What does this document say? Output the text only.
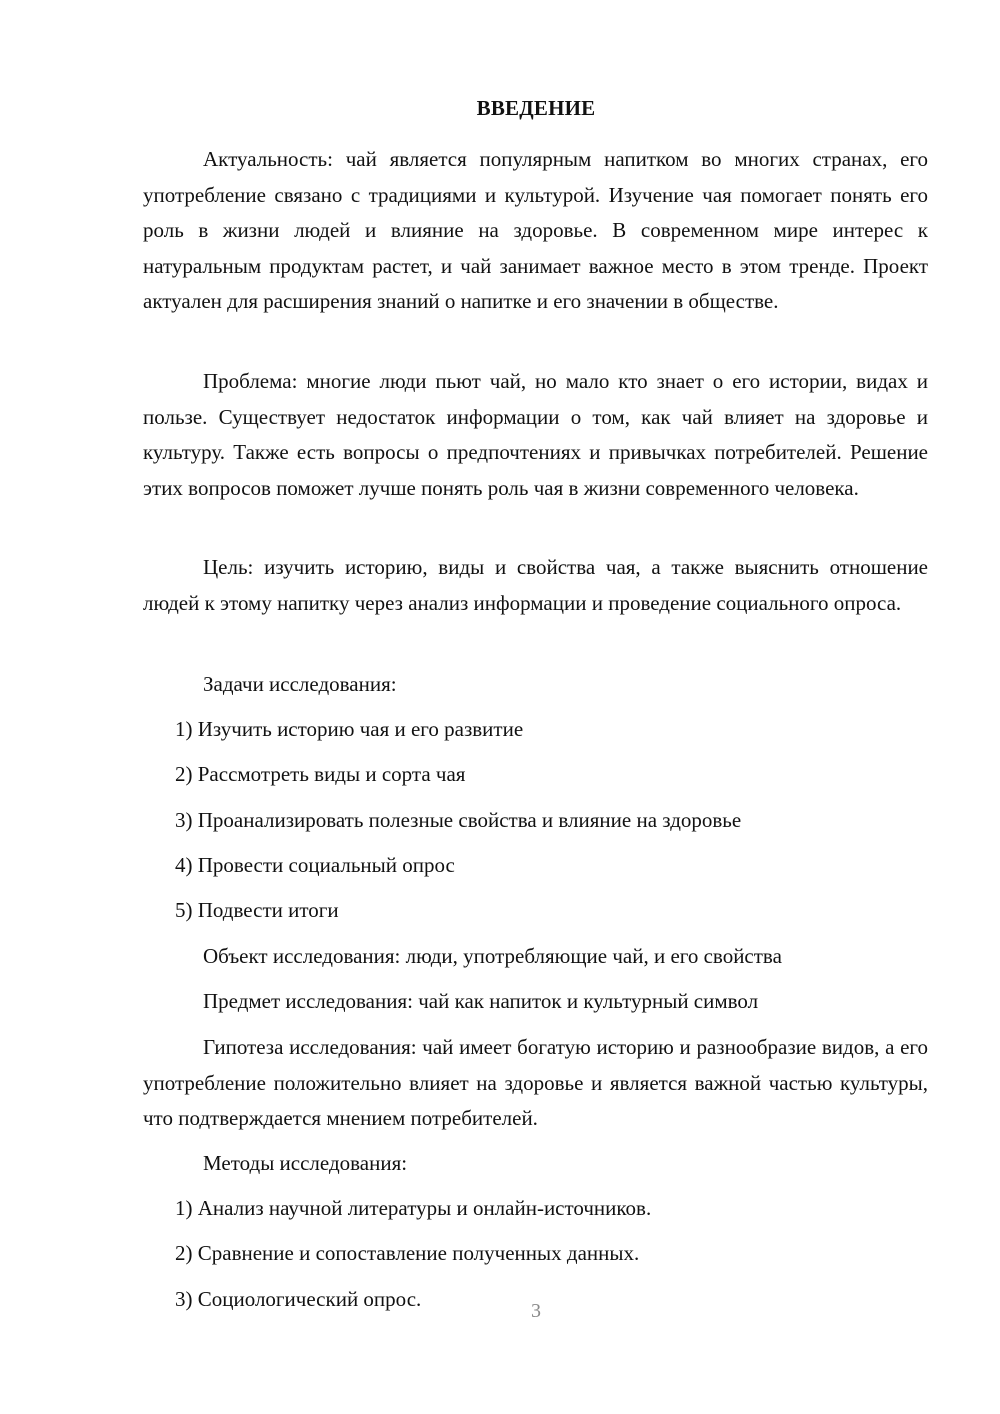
ВВЕДЕНИЕ

Актуальность: чай является популярным напитком во многих странах, его употребление связано с традициями и культурой. Изучение чая помогает понять его роль в жизни людей и влияние на здоровье. В современном мире интерес к натуральным продуктам растет, и чай занимает важное место в этом тренде. Проект актуален для расширения знаний о напитке и его значении в обществе.

Проблема: многие люди пьют чай, но мало кто знает о его истории, видах и пользе. Существует недостаток информации о том, как чай влияет на здоровье и культуру. Также есть вопросы о предпочтениях и привычках потребителей. Решение этих вопросов поможет лучше понять роль чая в жизни современного человека.

Цель: изучить историю, виды и свойства чая, а также выяснить отношение людей к этому напитку через анализ информации и проведение социального опроса.

Задачи исследования:
1) Изучить историю чая и его развитие
2) Рассмотреть виды и сорта чая
3) Проанализировать полезные свойства и влияние на здоровье
4) Провести социальный опрос
5) Подвести итоги
Объект исследования: люди, употребляющие чай, и его свойства
Предмет исследования: чай как напиток и культурный символ

Гипотеза исследования: чай имеет богатую историю и разнообразие видов, а его употребление положительно влияет на здоровье и является важной частью культуры, что подтверждается мнением потребителей.

Методы исследования:
1) Анализ научной литературы и онлайн-источников.
2) Сравнение и сопоставление полученных данных.
3) Социологический опрос.	3
